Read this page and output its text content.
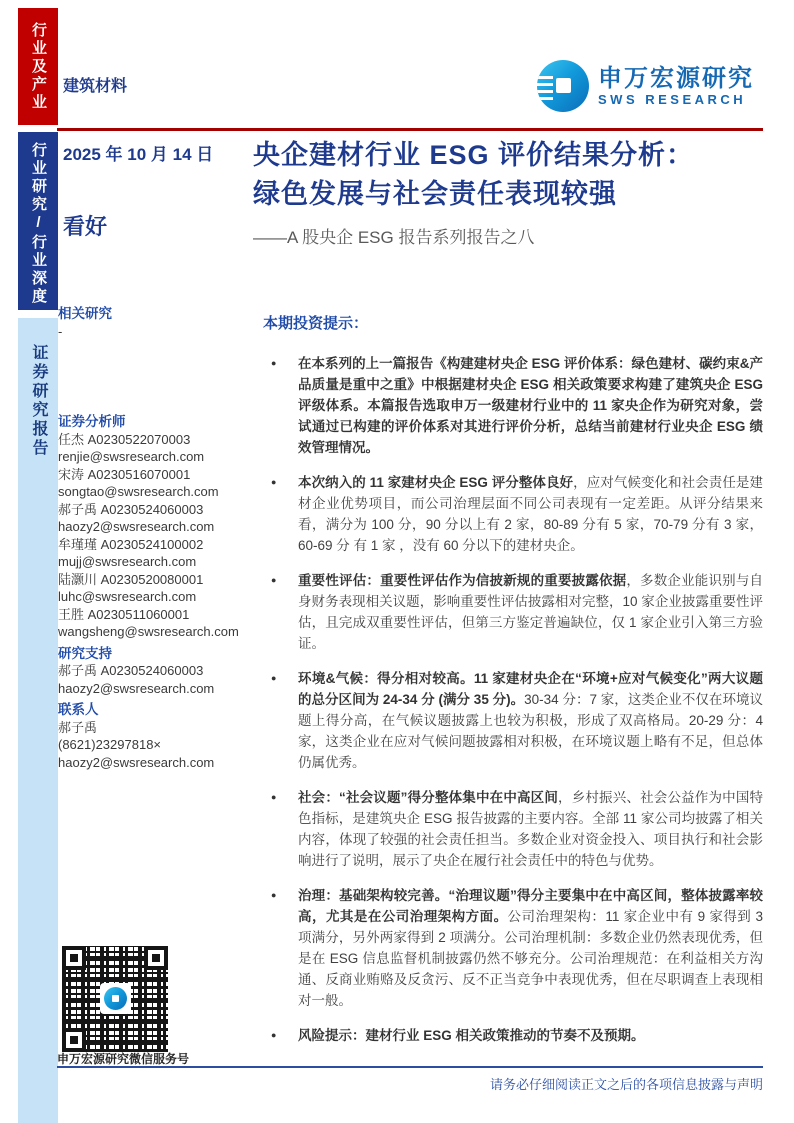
行业及产业
行业研究/行业深度
证券研究报告
建筑材料	申万宏源研究
SWS RESEARCH
2025 年 10 月 14 日
看好
央企建材行业 ESG 评价结果分析：
绿色发展与社会责任表现较强
——A 股央企 ESG 报告系列报告之八
相关研究
-
证券分析师
任杰 A0230522070003
renjie@swsresearch.com
宋涛 A0230516070001
songtao@swsresearch.com
郝子禹 A0230524060003
haozy2@swsresearch.com
牟瑾瑾 A0230524100002
mujj@swsresearch.com
陆灏川 A0230520080001
luhc@swsresearch.com
王胜 A0230511060001
wangsheng@swsresearch.com
研究支持
郝子禹 A0230524060003
haozy2@swsresearch.com
联系人
郝子禹
(8621)23297818×
haozy2@swsresearch.com
本期投资提示：
● 在本系列的上一篇报告《构建建材央企 ESG 评价体系：绿色建材、碳约束&产品质量是重中之重》中根据建材央企 ESG 相关政策要求构建了建筑央企 ESG 评级体系。本篇报告选取申万一级建材行业中的 11 家央企作为研究对象，尝试通过已构建的评价体系对其进行评价分析，总结当前建材行业央企 ESG 绩效管理情况。
● 本次纳入的 11 家建材央企 ESG 评分整体良好，应对气候变化和社会责任是建材企业优势项目，而公司治理层面不同公司表现有一定差距。从评分结果来看，满分为 100 分，90 分以上有 2 家，80-89 分有 5 家，70-79 分有 3 家，60-69 分 有 1 家 ，没有 60 分以下的建材央企。
● 重要性评估：重要性评估作为信披新规的重要披露依据，多数企业能识别与自身财务表现相关议题，影响重要性评估披露相对完整，10 家企业披露重要性评估，且完成双重要性评估，但第三方鉴定普遍缺位，仅 1 家企业引入第三方验证。
● 环境&气候：得分相对较高。11 家建材央企在“环境+应对气候变化”两大议题的总分区间为 24-34 分 (满分 35 分)。30-34 分：7 家，这类企业不仅在环境议题上得分高，在气候议题披露上也较为积极，形成了双高格局。20-29 分：4 家，这类企业在应对气候问题披露相对积极，在环境议题上略有不足，但总体仍属优秀。
● 社会：“社会议题”得分整体集中在中高区间，乡村振兴、社会公益作为中国特色指标，是建筑央企 ESG 报告披露的主要内容。全部 11 家公司均披露了相关内容，体现了较强的社会责任担当。多数企业对资金投入、项目执行和社会影响进行了说明，展示了央企在履行社会责任中的特色与优势。
● 治理：基础架构较完善。“治理议题”得分主要集中在中高区间，整体披露率较高，尤其是在公司治理架构方面。公司治理架构：11 家企业中有 9 家得到 3 项满分，另外两家得到 2 项满分。公司治理机制：多数企业仍然表现优秀，但是在 ESG 信息监督机制披露仍然不够充分。公司治理规范：在利益相关方沟通、反商业贿赂及反贪污、反不正当竞争中表现优秀，但在尽职调查上表现相对一般。
● 风险提示：建材行业 ESG 相关政策推动的节奏不及预期。
申万宏源研究微信服务号
请务必仔细阅读正文之后的各项信息披露与声明
